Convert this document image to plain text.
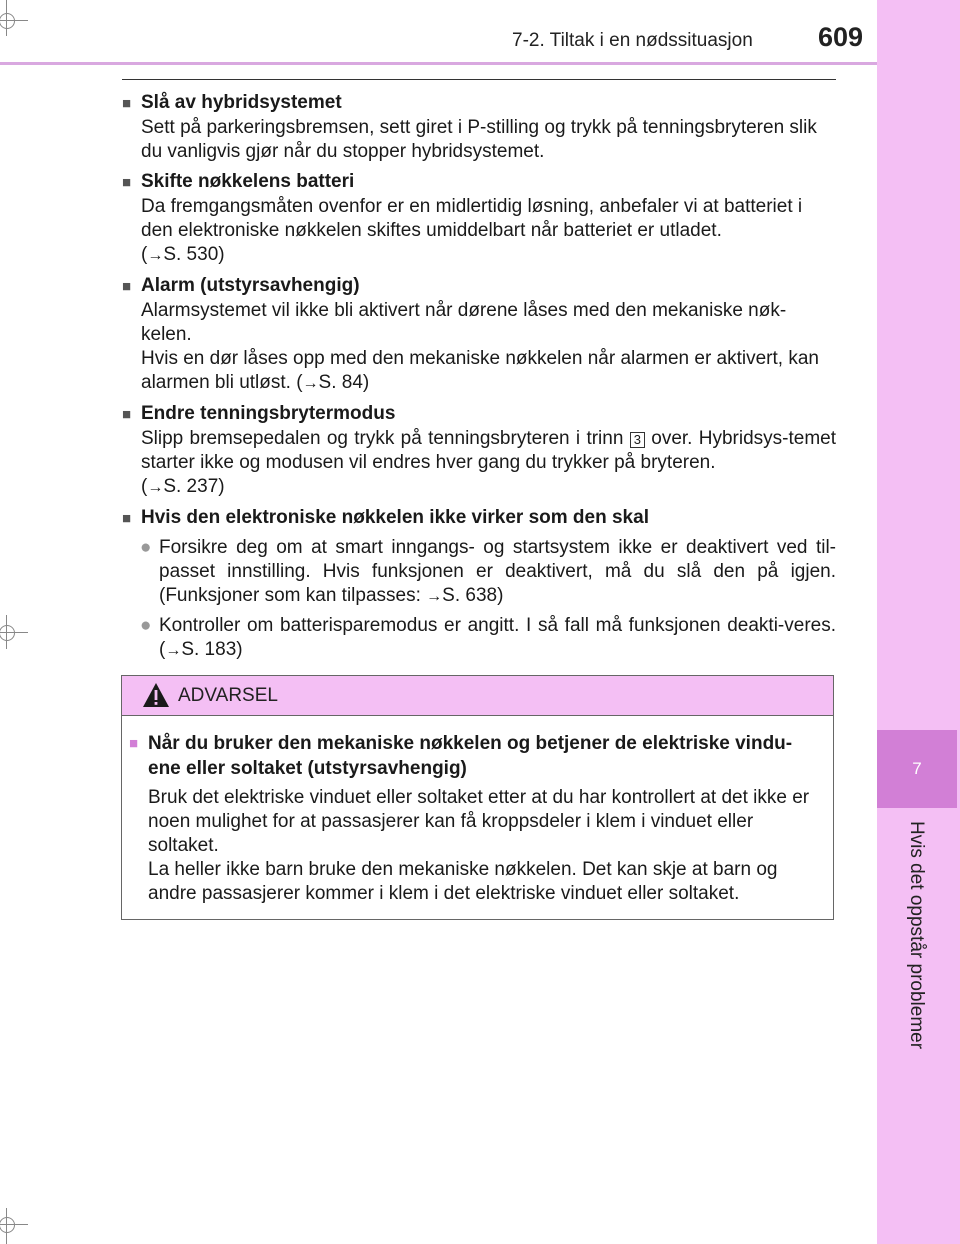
7
Hvis det oppstår problemer
7-2. Tiltak i en nødssituasjon 609
■ Slå av hybridsystemet
Sett på parkeringsbremsen, sett giret i P-stilling og trykk på tenningsbryteren slik du vanligvis gjør når du stopper hybridsystemet.
■ Skifte nøkkelens batteri
Da fremgangsmåten ovenfor er en midlertidig løsning, anbefaler vi at batteriet i den elektroniske nøkkelen skiftes umiddelbart når batteriet er utladet.
(→S. 530)
■ Alarm (utstyrsavhengig)
Alarmsystemet vil ikke bli aktivert når dørene låses med den mekaniske nøk-kelen.
Hvis en dør låses opp med den mekaniske nøkkelen når alarmen er aktivert, kan alarmen bli utløst. (→S. 84)
■ Endre tenningsbrytermodus
Slipp bremsepedalen og trykk på tenningsbryteren i trinn 3 over. Hybridsys-temet starter ikke og modusen vil endres hver gang du trykker på bryteren.
(→S. 237)
■ Hvis den elektroniske nøkkelen ikke virker som den skal
● Forsikre deg om at smart inngangs- og startsystem ikke er deaktivert ved til-passet innstilling. Hvis funksjonen er deaktivert, må du slå den på igjen. (Funksjoner som kan tilpasses: →S. 638)
● Kontroller om batterisparemodus er angitt. I så fall må funksjonen deakti-veres. (→S. 183)
ADVARSEL
■ Når du bruker den mekaniske nøkkelen og betjener de elektriske vindu-ene eller soltaket (utstyrsavhengig)
Bruk det elektriske vinduet eller soltaket etter at du har kontrollert at det ikke er noen mulighet for at passasjerer kan få kroppsdeler i klem i vinduet eller soltaket.
La heller ikke barn bruke den mekaniske nøkkelen. Det kan skje at barn og andre passasjerer kommer i klem i det elektriske vinduet eller soltaket.
